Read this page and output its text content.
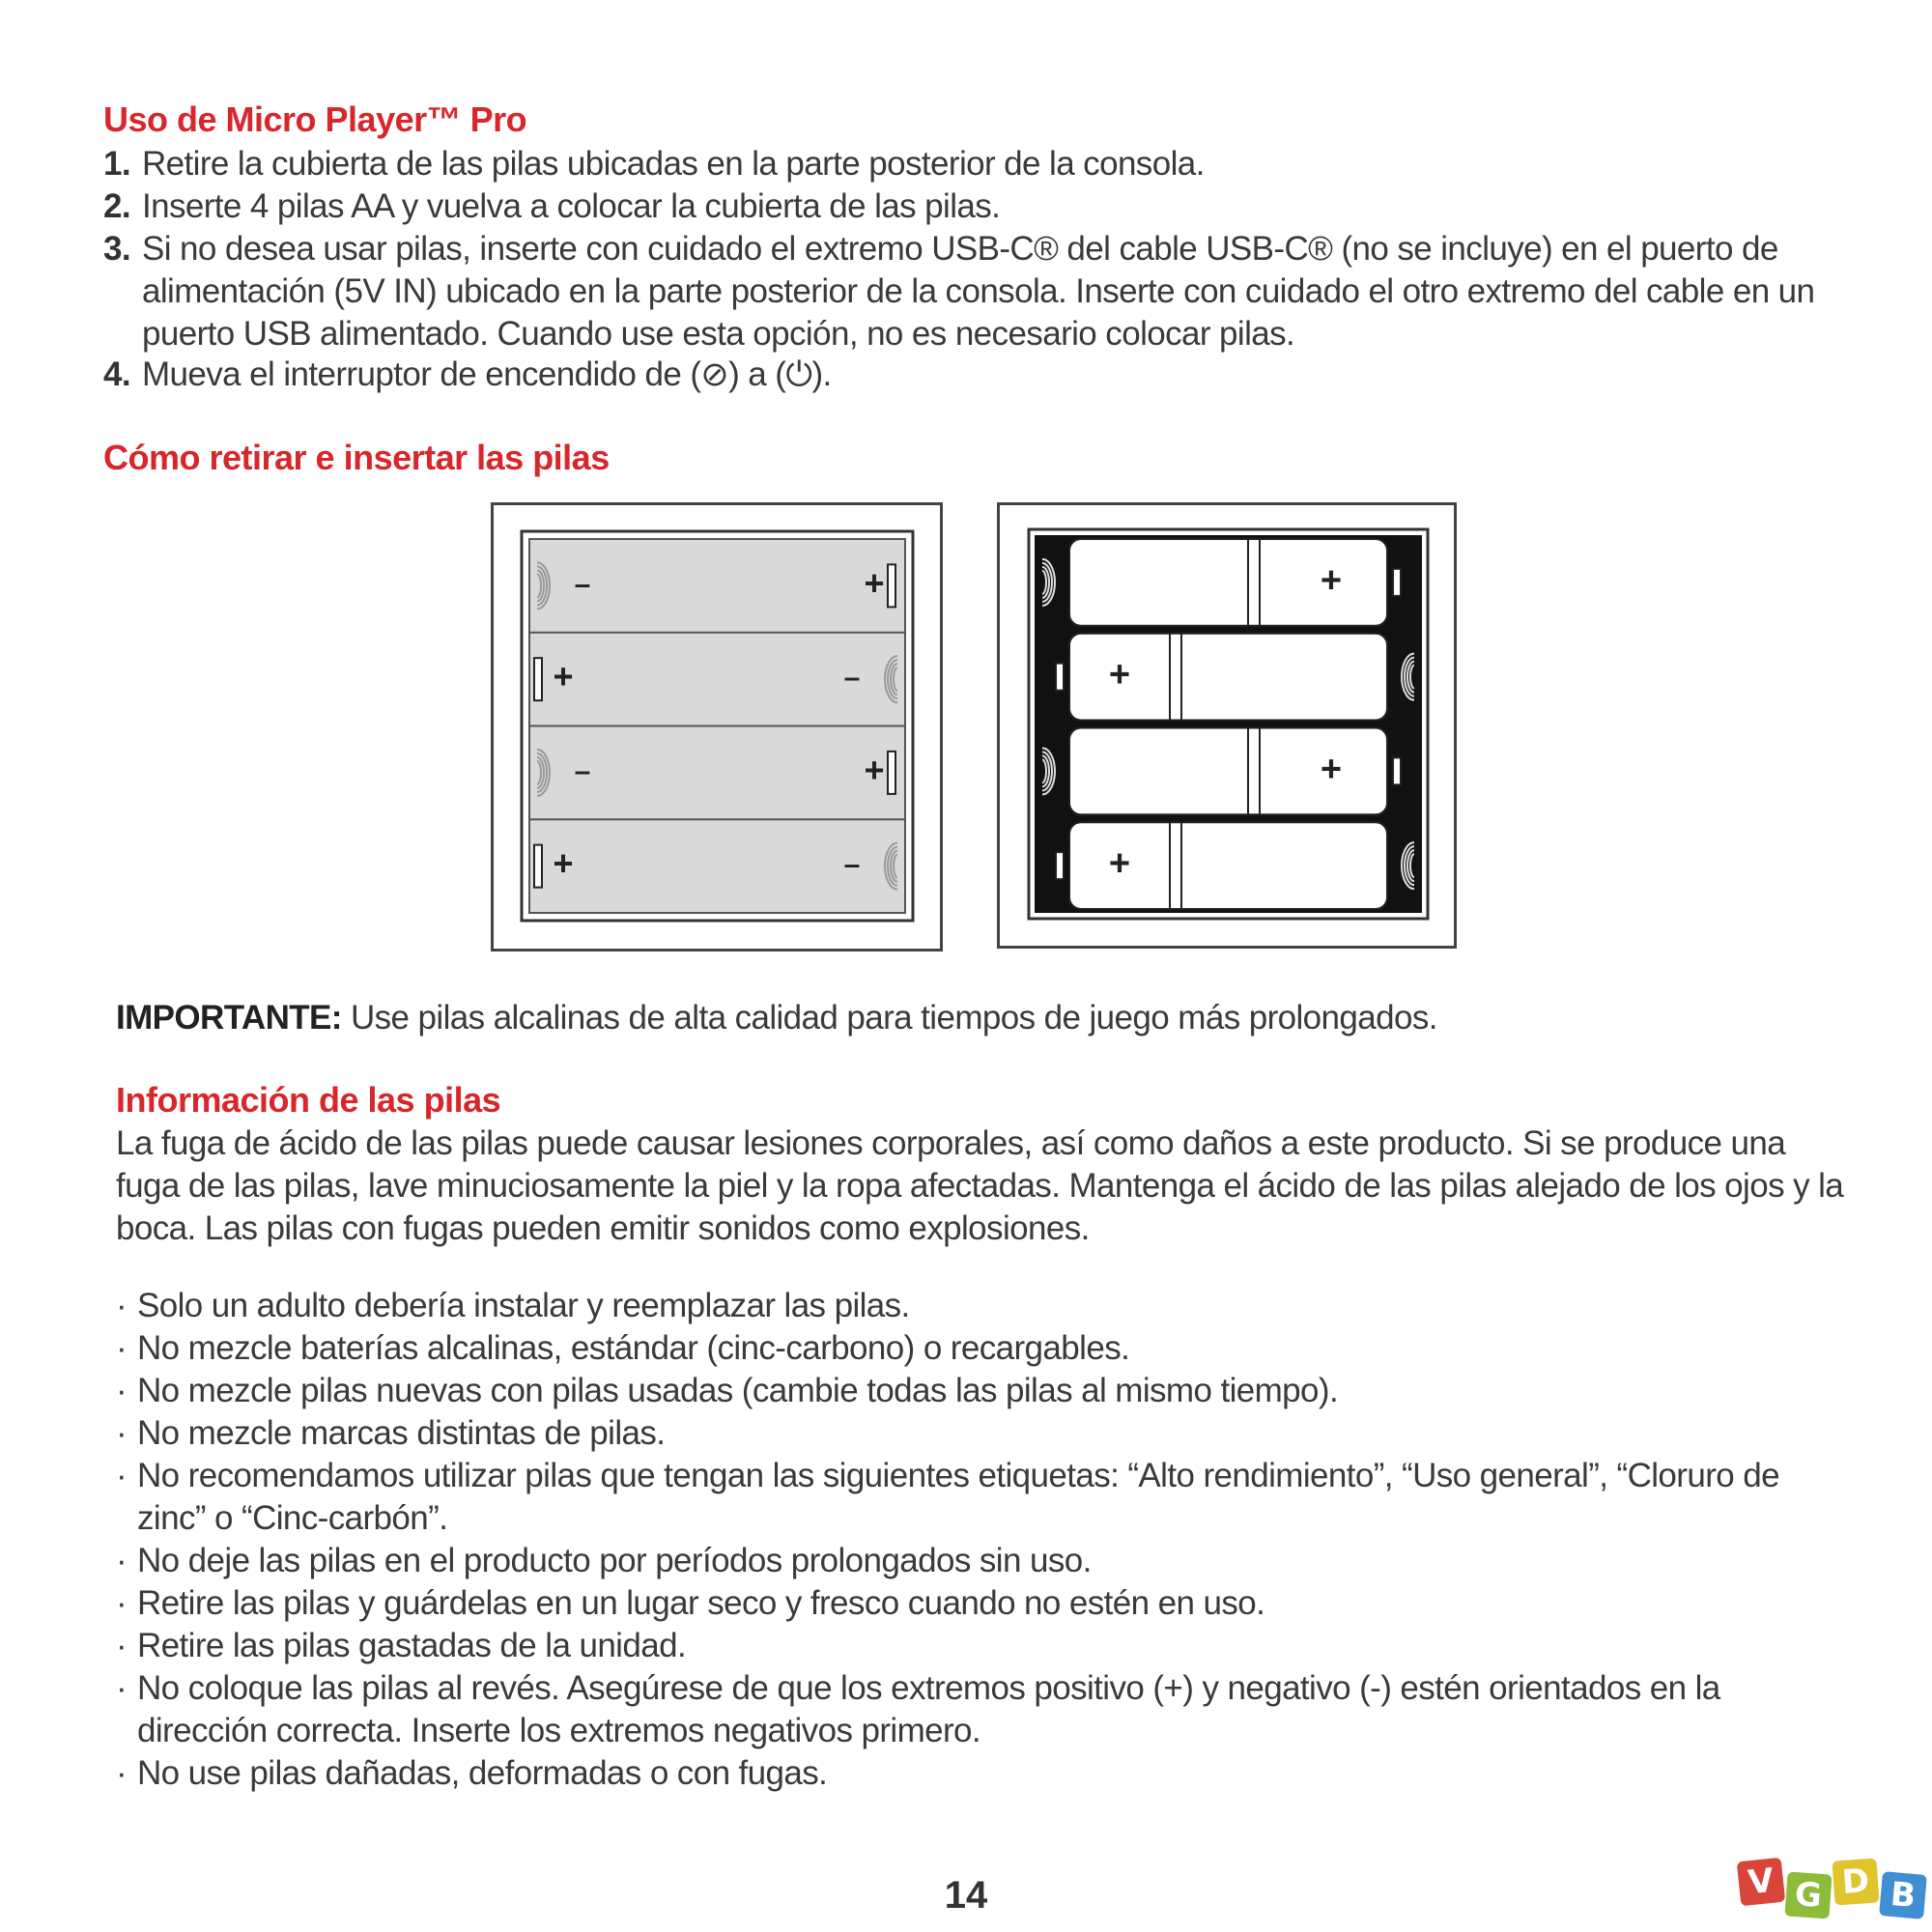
Uso de Micro Player™ Pro

1. Retire la cubierta de las pilas ubicadas en la parte posterior de la consola.

2. Inserte 4 pilas AA y vuelva a colocar la cubierta de las pilas.

3. Si no desea usar pilas, inserte con cuidado el extremo USB-C® del cable USB-C® (no se incluye) en el puerto de alimentación (5V IN) ubicado en la parte posterior de la consola. Inserte con cuidado el otro extremo del cable en un puerto USB alimentado. Cuando use esta opción, no es necesario colocar pilas.

4. Mueva el interruptor de encendido de (⊘) a (⏻).

Cómo retirar e insertar las pilas
–	+
+	–
–	+
+	–
+
+
+
+

IMPORTANTE: Use pilas alcalinas de alta calidad para tiempos de juego más prolongados.

Información de las pilas

La fuga de ácido de las pilas puede causar lesiones corporales, así como daños a este producto. Si se produce una fuga de las pilas, lave minuciosamente la piel y la ropa afectadas. Mantenga el ácido de las pilas alejado de los ojos y la boca. Las pilas con fugas pueden emitir sonidos como explosiones.

· Solo un adulto debería instalar y reemplazar las pilas.
· No mezcle baterías alcalinas, estándar (cinc-carbono) o recargables.
· No mezcle pilas nuevas con pilas usadas (cambie todas las pilas al mismo tiempo).
· No mezcle marcas distintas de pilas.
· No recomendamos utilizar pilas que tengan las siguientes etiquetas: “Alto rendimiento”, “Uso general”, “Cloruro de zinc” o “Cinc-carbón”.
· No deje las pilas en el producto por períodos prolongados sin uso.
· Retire las pilas y guárdelas en un lugar seco y fresco cuando no estén en uso.
· Retire las pilas gastadas de la unidad.
· No coloque las pilas al revés. Asegúrese de que los extremos positivo (+) y negativo (-) estén orientados en la dirección correcta. Inserte los extremos negativos primero.
· No use pilas dañadas, deformadas o con fugas.
14	V G D B
